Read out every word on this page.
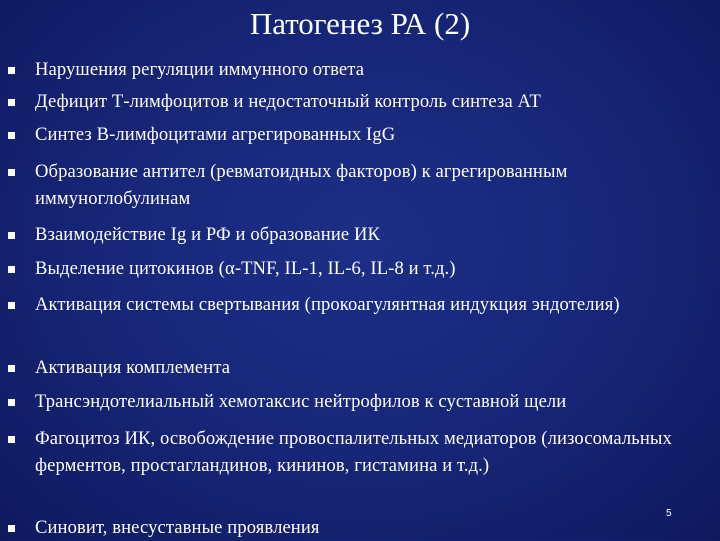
Патогенез РА (2)
Нарушения регуляции иммунного ответа
Дефицит Т-лимфоцитов и недостаточный контроль синтеза АТ
Синтез В-лимфоцитами агрегированных IgG
Образование антител (ревматоидных факторов) к агрегированным иммуноглобулинам
Взаимодействие Ig и РФ и образование ИК
Выделение цитокинов (α-TNF, IL-1, IL-6, IL-8 и т.д.)
Активация системы свертывания (прокоагулянтная индукция эндотелия)
Активация комплемента
Трансэндотелиальный хемотаксис нейтрофилов к суставной щели
Фагоцитоз ИК, освобождение провоспалительных медиаторов (лизосомальных ферментов, простагландинов, кининов, гистамина и т.д.)
Синовит, внесуставные проявления
5
